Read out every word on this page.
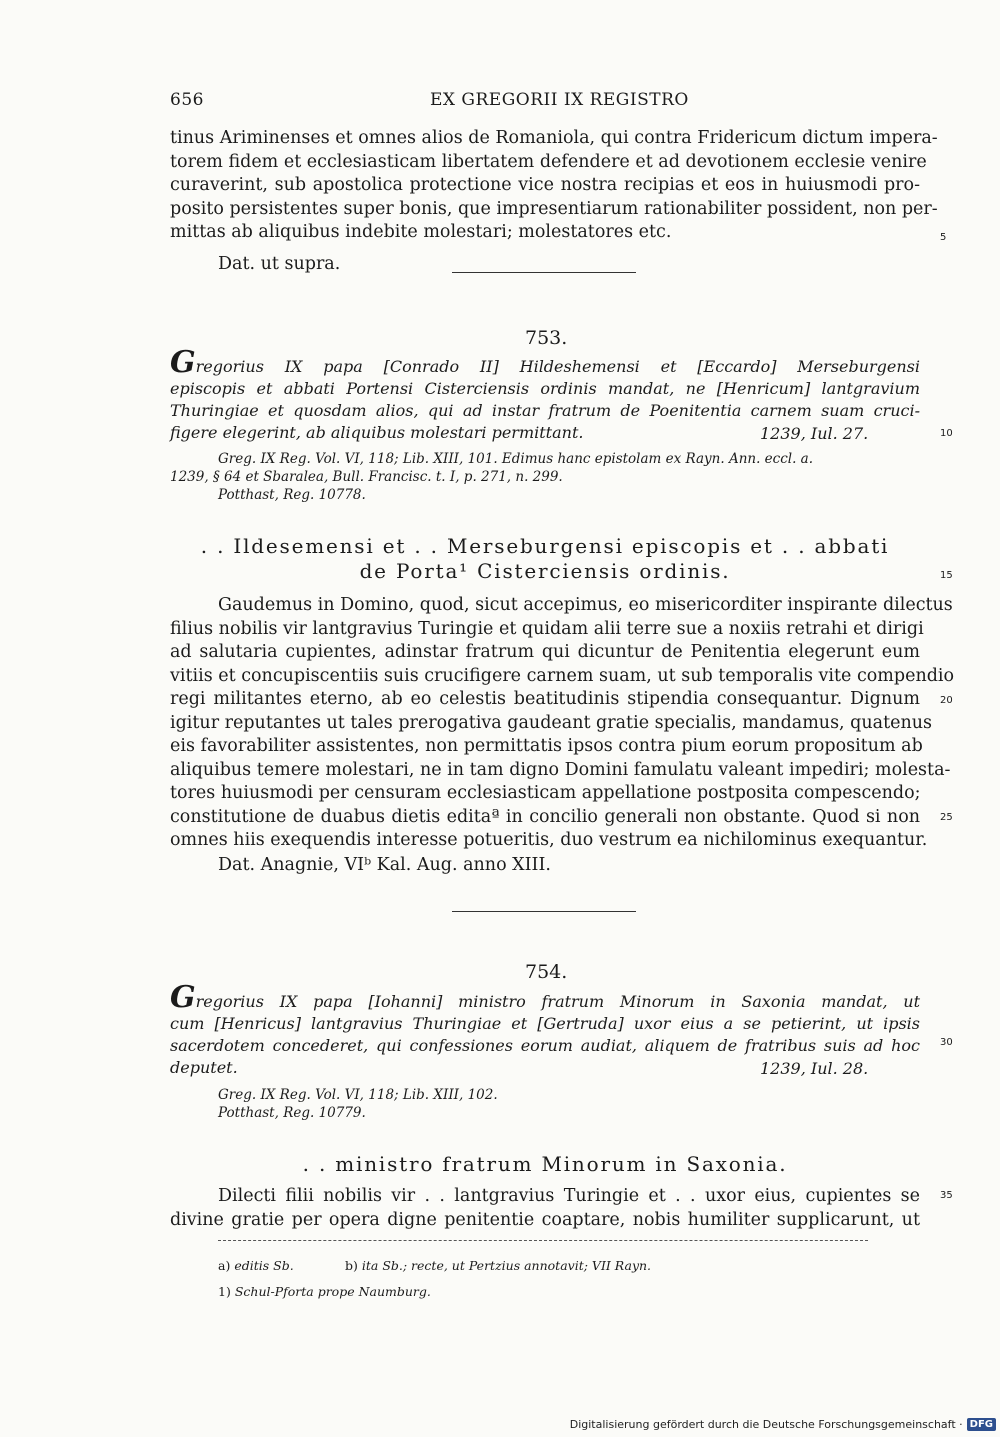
656	EX GREGORII IX REGISTRO
tinus Ariminenses et omnes alios de Romaniola, qui contra Fridericum dictum impera-
torem fidem et ecclesiasticam libertatem defendere et ad devotionem ecclesie venire
curaverint, sub apostolica protectione vice nostra recipias et eos in huiusmodi pro-
posito persistentes super bonis, que impresentiarum rationabiliter possident, non per-
mittas ab aliquibus indebite molestari; molestatores etc.
Dat. ut supra.
753.
Gregorius IX papa [Conrado II] Hildeshemensi et [Eccardo] Merseburgensi
episcopis et abbati Portensi Cisterciensis ordinis mandat, ne [Henricum] lantgravium
Thuringiae et quosdam alios, qui ad instar fratrum de Poenitentia carnem suam cruci-
figere elegerint, ab aliquibus molestari permittant.	1239, Iul. 27.
Greg. IX Reg. Vol. VI, 118; Lib. XIII, 101. Edimus hanc epistolam ex Rayn. Ann. eccl. a.
1239, § 64 et Sbaralea, Bull. Francisc. t. I, p. 271, n. 299.
Potthast, Reg. 10778.
. . Ildesemensi et . . Merseburgensi episcopis et . . abbati
de Porta¹ Cisterciensis ordinis.
Gaudemus in Domino, quod, sicut accepimus, eo misericorditer inspirante dilectus
filius nobilis vir lantgravius Turingie et quidam alii terre sue a noxiis retrahi et dirigi
ad salutaria cupientes, adinstar fratrum qui dicuntur de Penitentia elegerunt eum
vitiis et concupiscentiis suis crucifigere carnem suam, ut sub temporalis vite compendio
regi militantes eterno, ab eo celestis beatitudinis stipendia consequantur. Dignum
igitur reputantes ut tales prerogativa gaudeant gratie specialis, mandamus, quatenus
eis favorabiliter assistentes, non permittatis ipsos contra pium eorum propositum ab
aliquibus temere molestari, ne in tam digno Domini famulatu valeant impediri; molesta-
tores huiusmodi per censuram ecclesiasticam appellatione postposita compescendo;
constitutione de duabus dietis editaª in concilio generali non obstante. Quod si non
omnes hiis exequendis interesse potueritis, duo vestrum ea nichilominus exequantur.
Dat. Anagnie, VIᵇ Kal. Aug. anno XIII.
754.
Gregorius IX papa [Iohanni] ministro fratrum Minorum in Saxonia mandat, ut
cum [Henricus] lantgravius Thuringiae et [Gertruda] uxor eius a se petierint, ut ipsis
sacerdotem concederet, qui confessiones eorum audiat, aliquem de fratribus suis ad hoc
deputet.	1239, Iul. 28.
Greg. IX Reg. Vol. VI, 118; Lib. XIII, 102.
Potthast, Reg. 10779.
. . ministro fratrum Minorum in Saxonia.
Dilecti filii nobilis vir . . lantgravius Turingie et . . uxor eius, cupientes se
divine gratie per opera digne penitentie coaptare, nobis humiliter supplicarunt, ut
a) editis Sb.	b) ita Sb.; recte, ut Pertzius annotavit; VII Rayn.
1) Schul-Pforta prope Naumburg.
5
10
15
20
25
30
35
Digitalisierung gefördert durch die Deutsche Forschungsgemeinschaft · DFG
